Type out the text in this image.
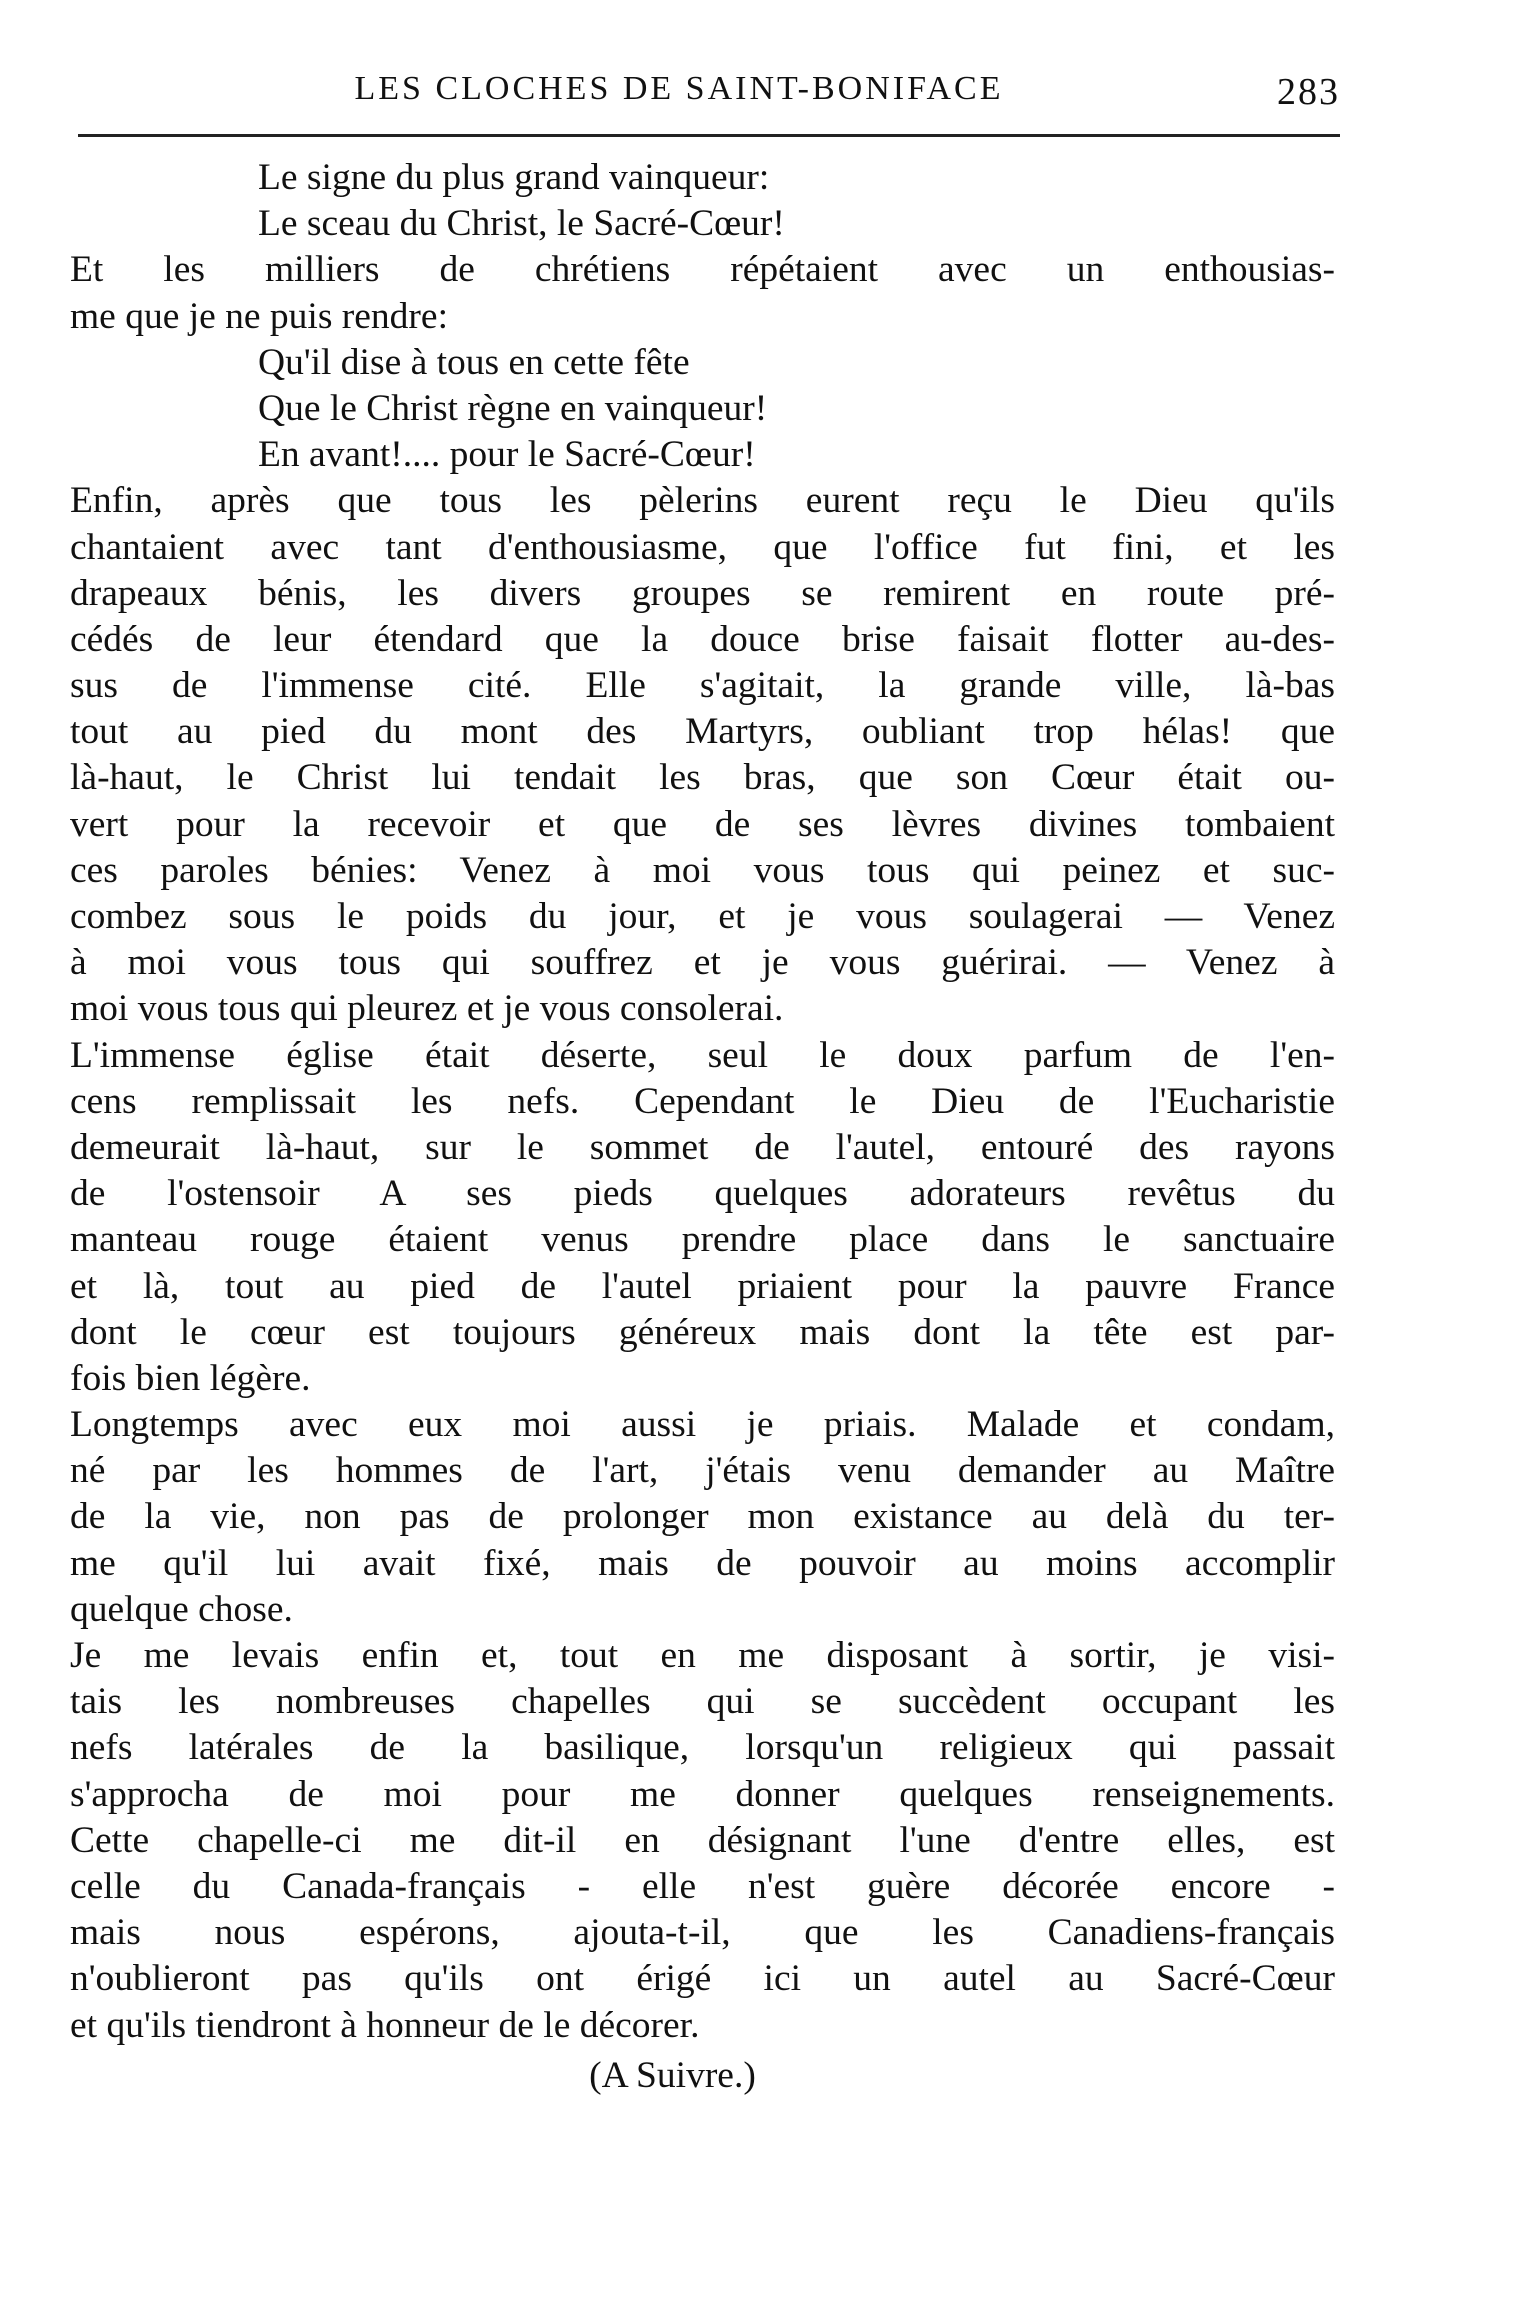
LES CLOCHES DE SAINT-BONIFACE	283
Le signe du plus grand vainqueur:
Le sceau du Christ, le Sacré-Cœur!
Et les milliers de chrétiens répétaient avec un enthousias-
me que je ne puis rendre:
Qu'il dise à tous en cette fête
Que le Christ règne en vainqueur!
En avant!.... pour le Sacré-Cœur!
Enfin, après que tous les pèlerins eurent reçu le Dieu qu'ils
chantaient avec tant d'enthousiasme, que l'office fut fini, et les
drapeaux bénis, les divers groupes se remirent en route pré-
cédés de leur étendard que la douce brise faisait flotter au-des-
sus de l'immense cité. Elle s'agitait, la grande ville, là-bas
tout au pied du mont des Martyrs, oubliant trop hélas! que
là-haut, le Christ lui tendait les bras, que son Cœur était ou-
vert pour la recevoir et que de ses lèvres divines tombaient
ces paroles bénies: Venez à moi vous tous qui peinez et suc-
combez sous le poids du jour, et je vous soulagerai — Venez
à moi vous tous qui souffrez et je vous guérirai. — Venez à
moi vous tous qui pleurez et je vous consolerai.
L'immense église était déserte, seul le doux parfum de l'en-
cens remplissait les nefs. Cependant le Dieu de l'Eucharistie
demeurait là-haut, sur le sommet de l'autel, entouré des rayons
de l'ostensoir A ses pieds quelques adorateurs revêtus du
manteau rouge étaient venus prendre place dans le sanctuaire
et là, tout au pied de l'autel priaient pour la pauvre France
dont le cœur est toujours généreux mais dont la tête est par-
fois bien légère.
Longtemps avec eux moi aussi je priais. Malade et condam,
né par les hommes de l'art, j'étais venu demander au Maître
de la vie, non pas de prolonger mon existance au delà du ter-
me qu'il lui avait fixé, mais de pouvoir au moins accomplir
quelque chose.
Je me levais enfin et, tout en me disposant à sortir, je visi-
tais les nombreuses chapelles qui se succèdent occupant les
nefs latérales de la basilique, lorsqu'un religieux qui passait
s'approcha de moi pour me donner quelques renseignements.
Cette chapelle-ci me dit-il en désignant l'une d'entre elles, est
celle du Canada-français - elle n'est guère décorée encore -
mais nous espérons, ajouta-t-il, que les Canadiens-français
n'oublieront pas qu'ils ont érigé ici un autel au Sacré-Cœur
et qu'ils tiendront à honneur de le décorer.
(A Suivre.)
